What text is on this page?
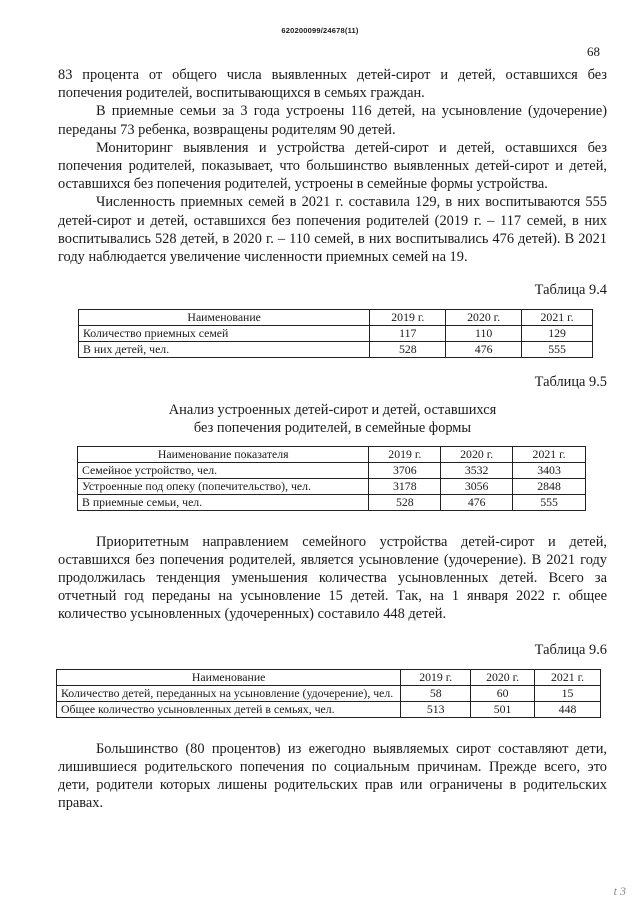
620200099/24678(11)
68

83 процента от общего числа выявленных детей-сирот и детей, оставшихся без попечения родителей, воспитывающихся в семьях граждан.

В приемные семьи за 3 года устроены 116 детей, на усыновление (удочерение) переданы 73 ребенка, возвращены родителям 90 детей.

Мониторинг выявления и устройства детей-сирот и детей, оставшихся без попечения родителей, показывает, что большинство выявленных детей-сирот и детей, оставшихся без попечения родителей, устроены в семейные формы устройства.

Численность приемных семей в 2021 г. составила 129, в них воспитываются 555 детей-сирот и детей, оставшихся без попечения родителей (2019 г. – 117 семей, в них воспитывались 528 детей, в 2020 г. – 110 семей, в них воспитывались 476 детей). В 2021 году наблюдается увеличение численности приемных семей на 19.

Таблица 9.4
Наименование	2019 г.	2020 г.	2021 г.
Количество приемных семей	117	110	129
В них детей, чел.	528	476	555
Таблица 9.5
Анализ устроенных детей-сирот и детей, оставшихся
без попечения родителей, в семейные формы
Наименование показателя	2019 г.	2020 г.	2021 г.
Семейное устройство, чел.	3706	3532	3403
Устроенные под опеку (попечительство), чел.	3178	3056	2848
В приемные семьи, чел.	528	476	555

Приоритетным направлением семейного устройства детей-сирот и детей, оставшихся без попечения родителей, является усыновление (удочерение). В 2021 году продолжилась тенденция уменьшения количества усыновленных детей. Всего за отчетный год переданы на усыновление 15 детей. Так, на 1 января 2022 г. общее количество усыновленных (удочеренных) составило 448 детей.

Таблица 9.6
Наименование	2019 г.	2020 г.	2021 г.
Количество детей, переданных на усыновление (удочерение), чел.	58	60	15
Общее количество усыновленных детей в семьях, чел.	513	501	448

Большинство (80 процентов) из ежегодно выявляемых сирот составляют дети, лишившиеся родительского попечения по социальным причинам. Прежде всего, это дети, родители которых лишены родительских прав или ограничены в родительских правах.

t 3
